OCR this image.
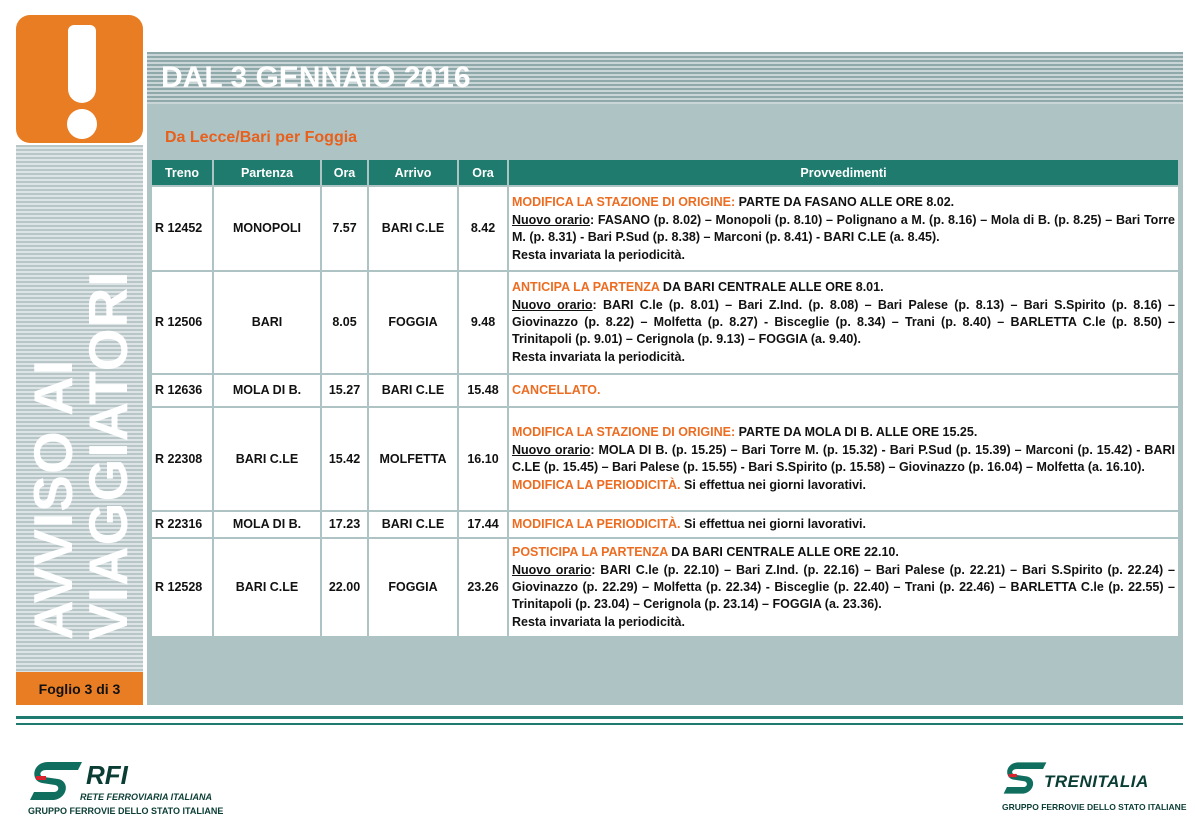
AVVISO AI
VIAGGIATORI
Foglio 3 di 3
DAL 3 GENNAIO 2016
Da Lecce/Bari per Foggia
Treno	Partenza	Ora	Arrivo	Ora	Provvedimenti
R 12452	MONOPOLI	7.57	BARI C.LE	8.42	MODIFICA LA STAZIONE DI ORIGINE: PARTE DA FASANO ALLE ORE 8.02.
Nuovo orario: FASANO (p. 8.02) – Monopoli (p. 8.10) – Polignano a M. (p. 8.16) – Mola di B. (p. 8.25) – Bari Torre M. (p. 8.31) - Bari P.Sud (p. 8.38) – Marconi (p. 8.41) - BARI C.LE (a. 8.45).
Resta invariata la periodicità.

R 12506	BARI	8.05	FOGGIA	9.48	ANTICIPA LA PARTENZA DA BARI CENTRALE ALLE ORE 8.01.
Nuovo orario: BARI C.le (p. 8.01) – Bari Z.Ind. (p. 8.08) – Bari Palese (p. 8.13) – Bari S.Spirito (p. 8.16) – Giovinazzo (p. 8.22) – Molfetta (p. 8.27) - Bisceglie (p. 8.34) – Trani (p. 8.40) – BARLETTA C.le (p. 8.50) – Trinitapoli (p. 9.01) – Cerignola (p. 9.13) – FOGGIA (a. 9.40).
Resta invariata la periodicità.

R 12636	MOLA DI B.	15.27	BARI C.LE	15.48	CANCELLATO.
R 22308	BARI C.LE	15.42	MOLFETTA	16.10	MODIFICA LA STAZIONE DI ORIGINE: PARTE DA MOLA DI B. ALLE ORE 15.25.
Nuovo orario: MOLA DI B. (p. 15.25) – Bari Torre M. (p. 15.32) - Bari P.Sud (p. 15.39) – Marconi (p. 15.42) - BARI C.LE (p. 15.45) – Bari Palese (p. 15.55) - Bari S.Spirito (p. 15.58) – Giovinazzo (p. 16.04) – Molfetta (a. 16.10).
MODIFICA LA PERIODICITÀ. Si effettua nei giorni lavorativi.

R 22316	MOLA DI B.	17.23	BARI C.LE	17.44	MODIFICA LA PERIODICITÀ. Si effettua nei giorni lavorativi.
R 12528	BARI C.LE	22.00	FOGGIA	23.26	POSTICIPA LA PARTENZA DA BARI CENTRALE ALLE ORE 22.10.
Nuovo orario: BARI C.le (p. 22.10) – Bari Z.Ind. (p. 22.16) – Bari Palese (p. 22.21) – Bari S.Spirito (p. 22.24) – Giovinazzo (p. 22.29) – Molfetta (p. 22.34) - Bisceglie (p. 22.40) – Trani (p. 22.46) – BARLETTA C.le (p. 22.55) – Trinitapoli (p. 23.04) – Cerignola (p. 23.14) – FOGGIA (a. 23.36).
Resta invariata la periodicità.
RFI
RETE FERROVIARIA ITALIANA
GRUPPO FERROVIE DELLO STATO ITALIANE
TRENITALIA
GRUPPO FERROVIE DELLO STATO ITALIANE
